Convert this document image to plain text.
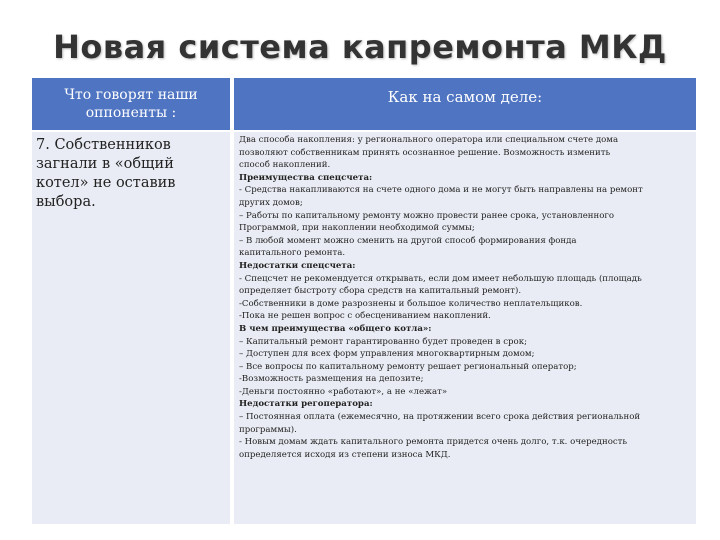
Новая система капремонта МКД
Что говорят наши оппоненты :
Как на самом деле:
7. Собственников
загнали в «общий
котел» не оставив
выбора.
Два способа накопления: у регионального оператора или специальном счете дома
позволяют собственникам принять осознанное решение. Возможность изменить
способ накоплений.
Преимущества спецсчета:
- Средства накапливаются на счете одного дома и не могут быть направлены на ремонт
других домов;
– Работы по капитальному ремонту можно провести ранее срока, установленного
Программой, при накоплении необходимой суммы;
– В любой момент можно сменить на другой способ формирования фонда
капитального ремонта.
Недостатки спецсчета:
- Спецсчет не рекомендуется открывать, если дом имеет небольшую площадь (площадь
определяет быстроту сбора средств на капитальный ремонт).
-Собственники в доме разрознены и большое количество неплательщиков.
-Пока не решен вопрос с обесцениванием накоплений.
В чем преимущества «общего котла»:
– Капитальный ремонт гарантированно будет проведен в срок;
– Доступен для всех форм управления многоквартирным домом;
– Все вопросы по капитальному ремонту решает региональный оператор;
-Возможность размещения на депозите;
-Деньги постоянно «работают», а не «лежат»
Недостатки регоператора:
– Постоянная оплата (ежемесячно, на протяжении всего срока действия региональной
программы).
- Новым домам ждать капитального ремонта придется очень долго, т.к. очередность
определяется исходя из степени износа МКД.
